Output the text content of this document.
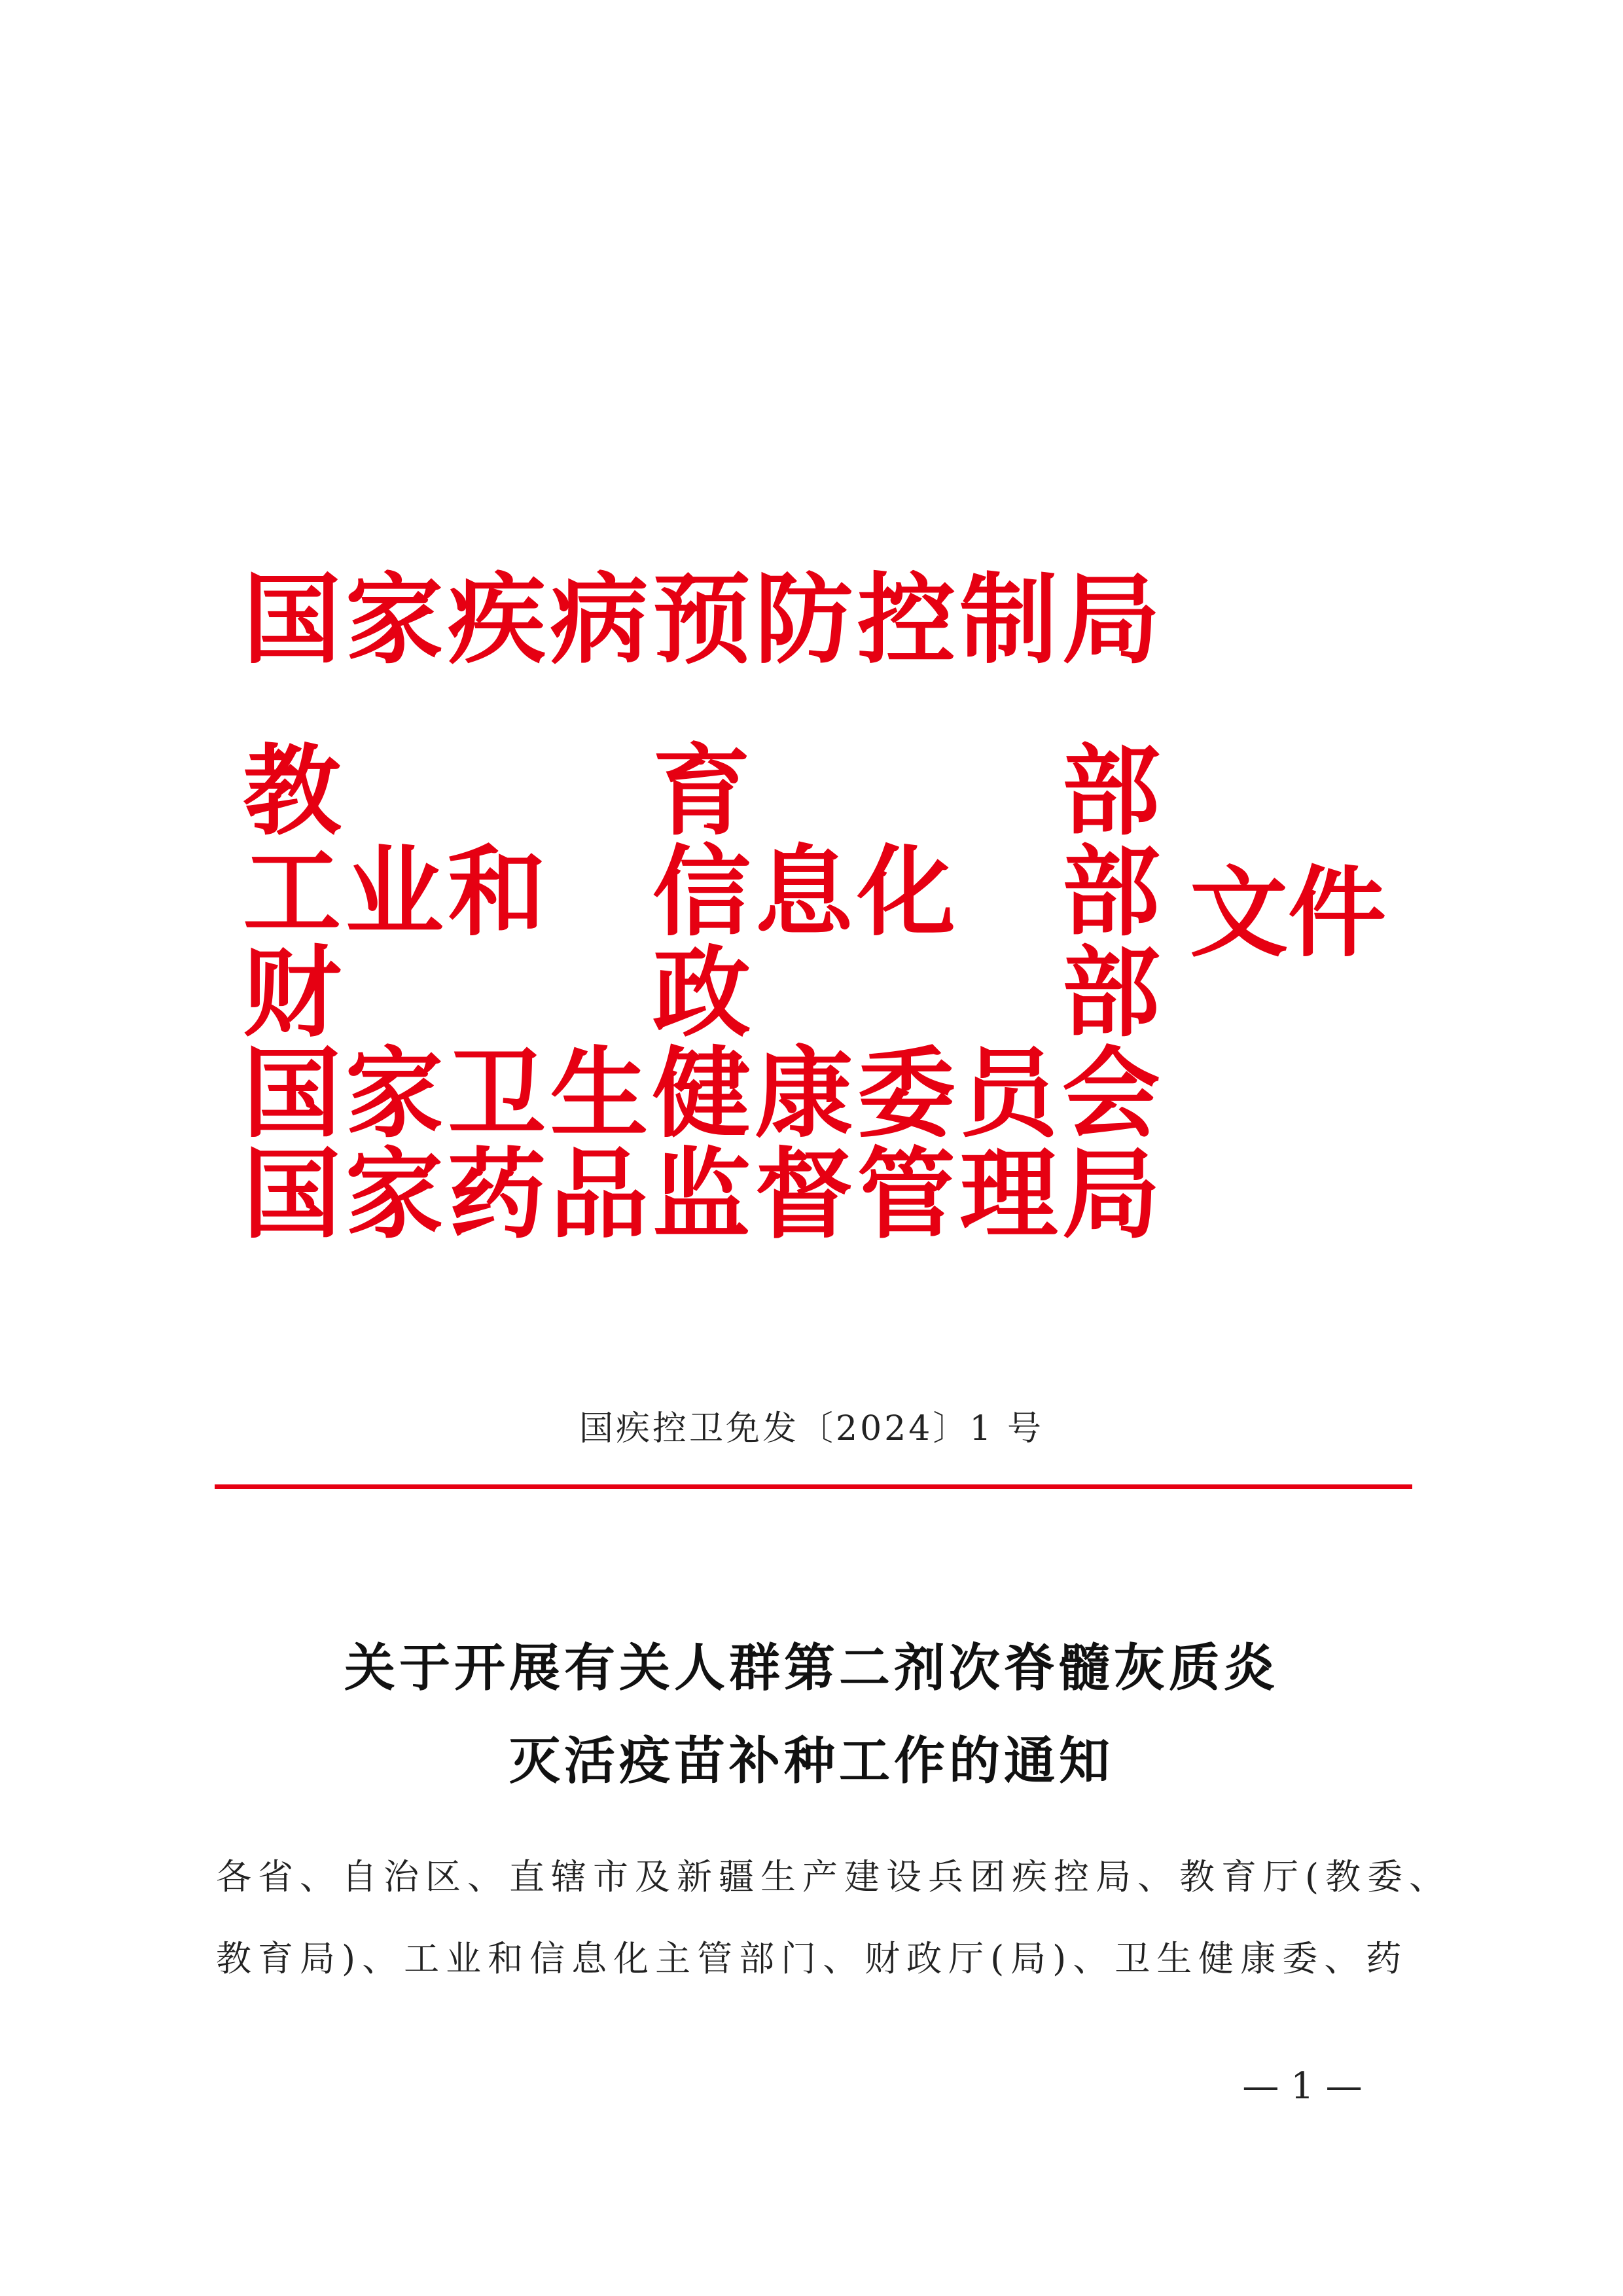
国 家 疾 病 预 防 控 制 局
教	育	部
工 业 和 信 息 化 部
财	政	部
国 家 卫 生 健 康 委 员 会
国 家 药 品 监 督 管 理 局
文件
国疾控卫免发〔2024〕1 号
关于开展有关人群第二剂次脊髓灰质炎
灭活疫苗补种工作的通知
各省、自治区、直辖市及新疆生产建设兵团疾控局、教育厅(教委、
教育局)、工业和信息化主管部门、财政厅(局)、卫生健康委、药
— 1 —
